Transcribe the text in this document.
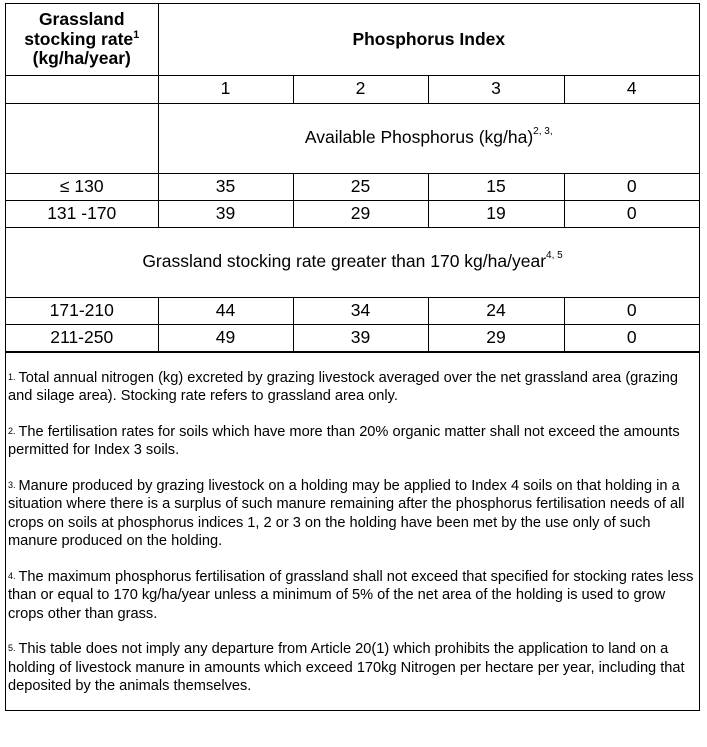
Grassland
stocking rate$^1$
(kg/ha/year)	Phosphorus Index			
	1	2	3	4
	Available Phosphorus $(kg/ha)^{2, 3,}$
≤ 130	35	25	15	0
131 -170	39	29	19	0
Grassland stocking rate greater than 170 kg/ha/year$^{4, 5}$
171-210	44	34	24	0
211-250	49	39	29	0

$^{1.}$ Total annual nitrogen (kg) excreted by grazing livestock averaged over the net grassland area (grazing and silage area). Stocking rate refers to grassland area only.

$^{2.}$ The fertilisation rates for soils which have more than 20% organic matter shall not exceed the amounts permitted for Index 3 soils.

$^{3.}$ Manure produced by grazing livestock on a holding may be applied to Index 4 soils on that holding in a situation where there is a surplus of such manure remaining after the phosphorus fertilisation needs of all crops on soils at phosphorus indices 1, 2 or 3 on the holding have been met by the use only of such manure produced on the holding.

$^{4.}$ The maximum phosphorus fertilisation of grassland shall not exceed that specified for stocking rates less than or equal to 170 kg/ha/year unless a minimum of 5% of the net area of the holding is used to grow crops other than grass.

$^{5.}$ This table does not imply any departure from Article 20(1) which prohibits the application to land on a holding of livestock manure in amounts which exceed 170kg Nitrogen per hectare per year, including that deposited by the animals themselves.
